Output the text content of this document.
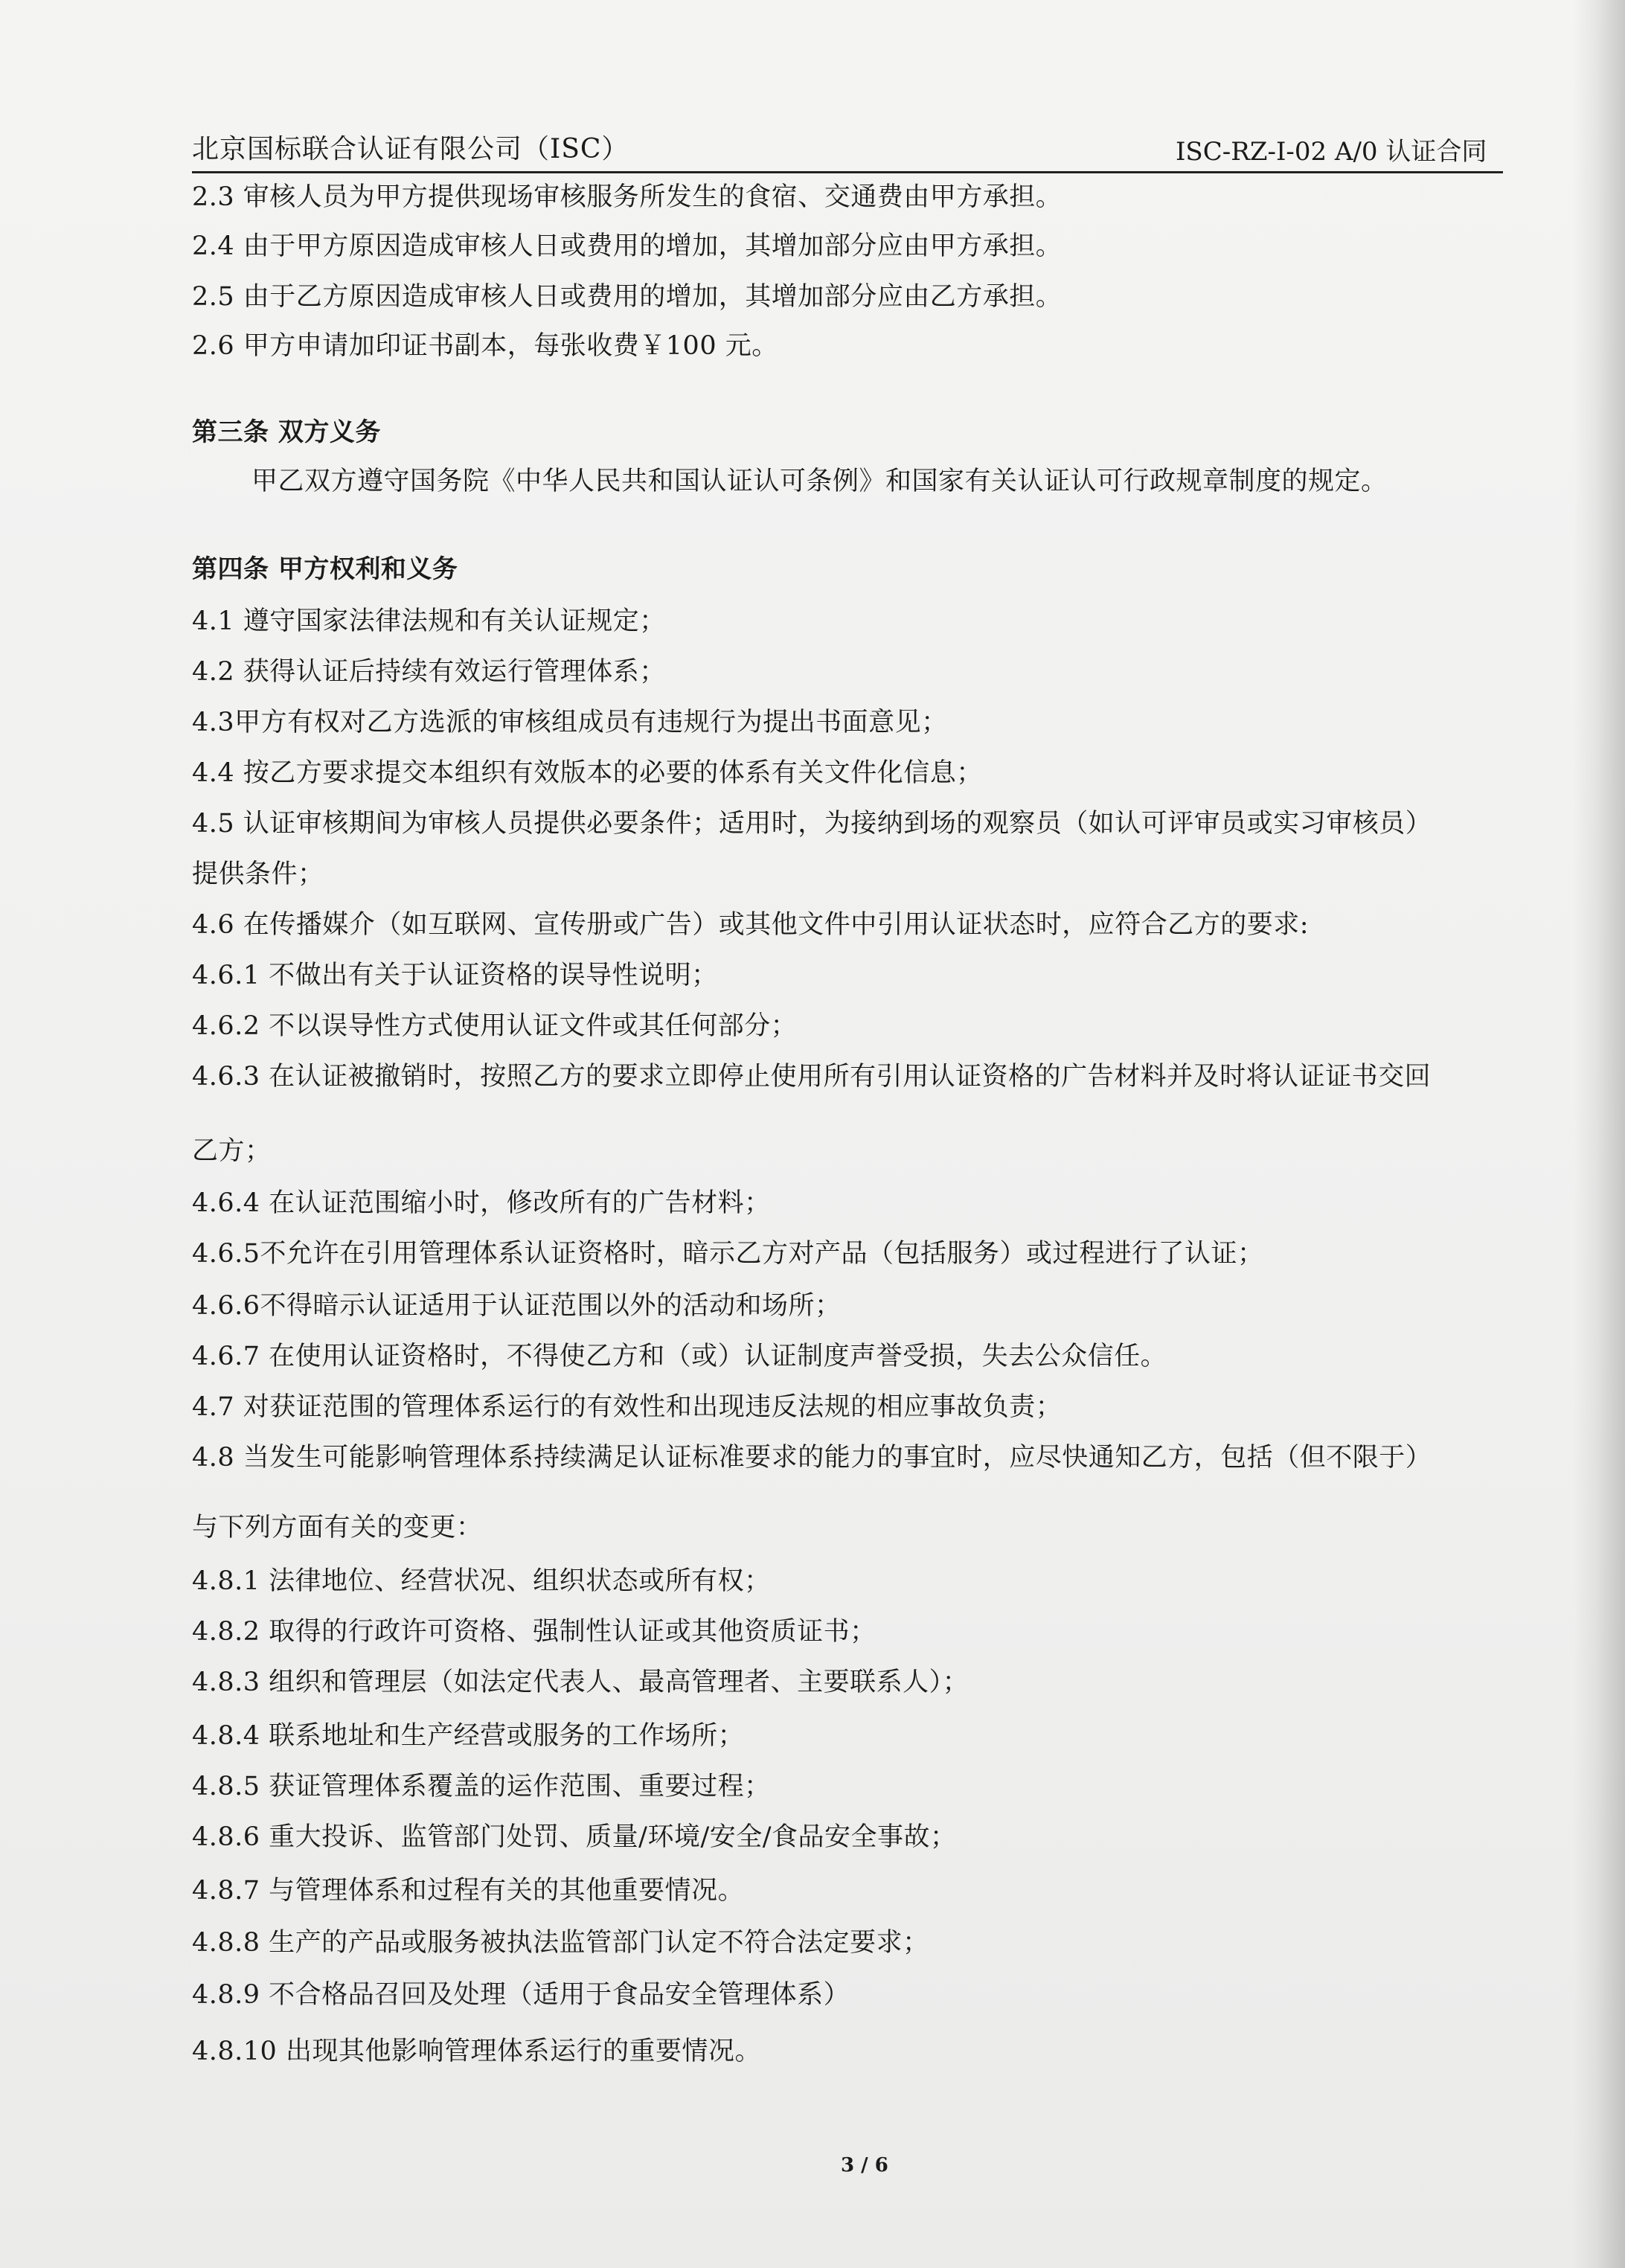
北京国标联合认证有限公司（ISC）	ISC-RZ-I-02 A/0 认证合同
2.3 审核人员为甲方提供现场审核服务所发生的食宿、交通费由甲方承担。
2.4 由于甲方原因造成审核人日或费用的增加，其增加部分应由甲方承担。
2.5 由于乙方原因造成审核人日或费用的增加，其增加部分应由乙方承担。
2.6 甲方申请加印证书副本，每张收费￥100 元。
第三条 双方义务
甲乙双方遵守国务院《中华人民共和国认证认可条例》和国家有关认证认可行政规章制度的规定。
第四条 甲方权利和义务
4.1 遵守国家法律法规和有关认证规定；
4.2 获得认证后持续有效运行管理体系；
4.3甲方有权对乙方选派的审核组成员有违规行为提出书面意见；
4.4 按乙方要求提交本组织有效版本的必要的体系有关文件化信息；
4.5 认证审核期间为审核人员提供必要条件；适用时，为接纳到场的观察员（如认可评审员或实习审核员）
提供条件；
4.6 在传播媒介（如互联网、宣传册或广告）或其他文件中引用认证状态时，应符合乙方的要求:
4.6.1 不做出有关于认证资格的误导性说明；
4.6.2 不以误导性方式使用认证文件或其任何部分；
4.6.3 在认证被撤销时，按照乙方的要求立即停止使用所有引用认证资格的广告材料并及时将认证证书交回
乙方；
4.6.4 在认证范围缩小时，修改所有的广告材料；
4.6.5不允许在引用管理体系认证资格时，暗示乙方对产品（包括服务）或过程进行了认证；
4.6.6不得暗示认证适用于认证范围以外的活动和场所；
4.6.7 在使用认证资格时，不得使乙方和（或）认证制度声誉受损，失去公众信任。
4.7 对获证范围的管理体系运行的有效性和出现违反法规的相应事故负责；
4.8 当发生可能影响管理体系持续满足认证标准要求的能力的事宜时，应尽快通知乙方，包括（但不限于）
与下列方面有关的变更：
4.8.1 法律地位、经营状况、组织状态或所有权；
4.8.2 取得的行政许可资格、强制性认证或其他资质证书；
4.8.3 组织和管理层（如法定代表人、最高管理者、主要联系人）；
4.8.4 联系地址和生产经营或服务的工作场所；
4.8.5 获证管理体系覆盖的运作范围、重要过程；
4.8.6 重大投诉、监管部门处罚、质量/环境/安全/食品安全事故；
4.8.7 与管理体系和过程有关的其他重要情况。
4.8.8 生产的产品或服务被执法监管部门认定不符合法定要求；
4.8.9 不合格品召回及处理（适用于食品安全管理体系）
4.8.10 出现其他影响管理体系运行的重要情况。
3 / 6
